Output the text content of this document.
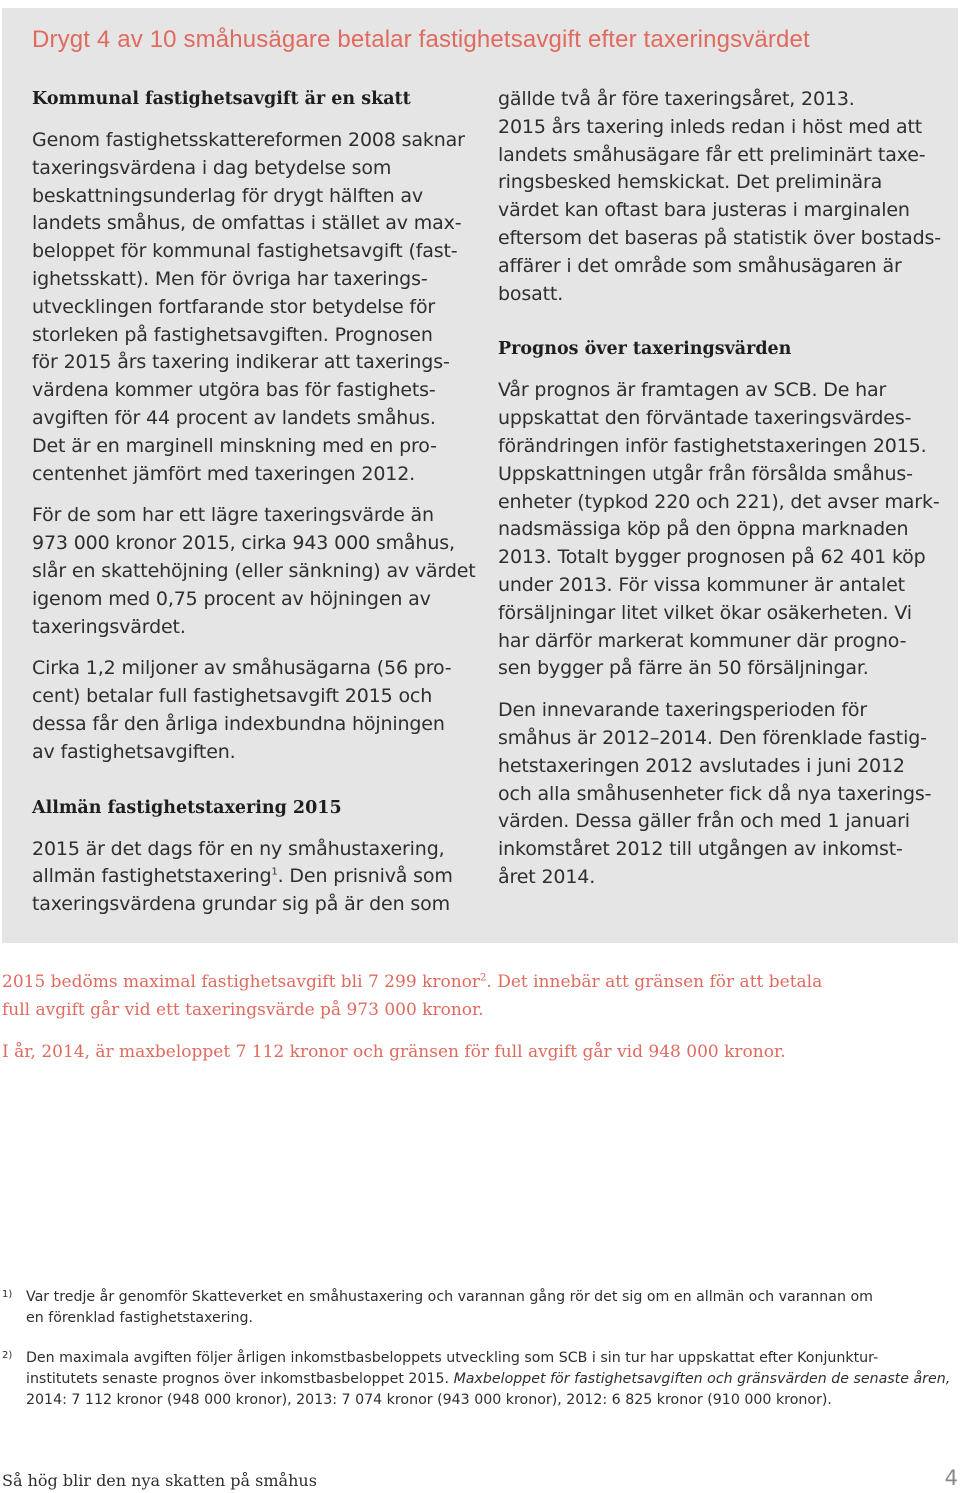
Drygt 4 av 10 småhusägare betalar fastighetsavgift efter taxeringsvärdet
Kommunal fastighetsavgift är en skatt

Genom fastighetsskattereformen 2008 saknar
taxeringsvärdena i dag betydelse som
beskattningsunderlag för drygt hälften av
landets småhus, de omfattas i stället av max-
beloppet för kommunal fastighetsavgift (fast-
ighetsskatt). Men för övriga har taxerings-
utvecklingen fortfarande stor betydelse för
storleken på fastighetsavgiften. Prognosen
för 2015 års taxering indikerar att taxerings-
värdena kommer utgöra bas för fastighets-
avgiften för 44 procent av landets småhus.
Det är en marginell minskning med en pro-
centenhet jämfört med taxeringen 2012.

För de som har ett lägre taxeringsvärde än
973 000 kronor 2015, cirka 943 000 småhus,
slår en skattehöjning (eller sänkning) av värdet
igenom med 0,75 procent av höjningen av
taxeringsvärdet.

Cirka 1,2 miljoner av småhusägarna (56 pro-
cent) betalar full fastighetsavgift 2015 och
dessa får den årliga indexbundna höjningen
av fastighetsavgiften.

Allmän fastighetstaxering 2015

2015 är det dags för en ny småhustaxering,
allmän fastighetstaxering$^1$. Den prisnivå som
taxeringsvärdena grundar sig på är den som

gällde två år före taxeringsåret, 2013.
2015 års taxering inleds redan i höst med att
landets småhusägare får ett preliminärt taxe-
ringsbesked hemskickat. Det preliminära
värdet kan oftast bara justeras i marginalen
eftersom det baseras på statistik över bostads-
affärer i det område som småhusägaren är
bosatt.

Prognos över taxeringsvärden

Vår prognos är framtagen av SCB. De har
uppskattat den förväntade taxeringsvärdes-
förändringen inför fastighetstaxeringen 2015.
Uppskattningen utgår från försålda småhus-
enheter (typkod 220 och 221), det avser mark-
nadsmässiga köp på den öppna marknaden
2013. Totalt bygger prognosen på 62 401 köp
under 2013. För vissa kommuner är antalet
försäljningar litet vilket ökar osäkerheten. Vi
har därför markerat kommuner där progno-
sen bygger på färre än 50 försäljningar.

Den innevarande taxeringsperioden för
småhus är 2012–2014. Den förenklade fastig-
hetstaxeringen 2012 avslutades i juni 2012
och alla småhusenheter fick då nya taxerings-
värden. Dessa gäller från och med 1 januari
inkomståret 2012 till utgången av inkomst-
året 2014.

2015 bedöms maximal fastighetsavgift bli 7 299 kronor$^2$. Det innebär att gränsen för att betala
full avgift går vid ett taxeringsvärde på 973 000 kronor.
I år, 2014, är maxbeloppet 7 112 kronor och gränsen för full avgift går vid 948 000 kronor.
1) Var tredje år genomför Skatteverket en småhustaxering och varannan gång rör det sig om en allmän och varannan om
en förenklad fastighetstaxering.
2) Den maximala avgiften följer årligen inkomstbasbeloppets utveckling som SCB i sin tur har uppskattat efter Konjunktur-
institutets senaste prognos över inkomstbasbeloppet 2015. Maxbeloppet för fastighetsavgiften och gränsvärden de senaste åren,
2014: 7 112 kronor (948 000 kronor), 2013: 7 074 kronor (943 000 kronor), 2012: 6 825 kronor (910 000 kronor).

Så hög blir den nya skatten på småhus	4
